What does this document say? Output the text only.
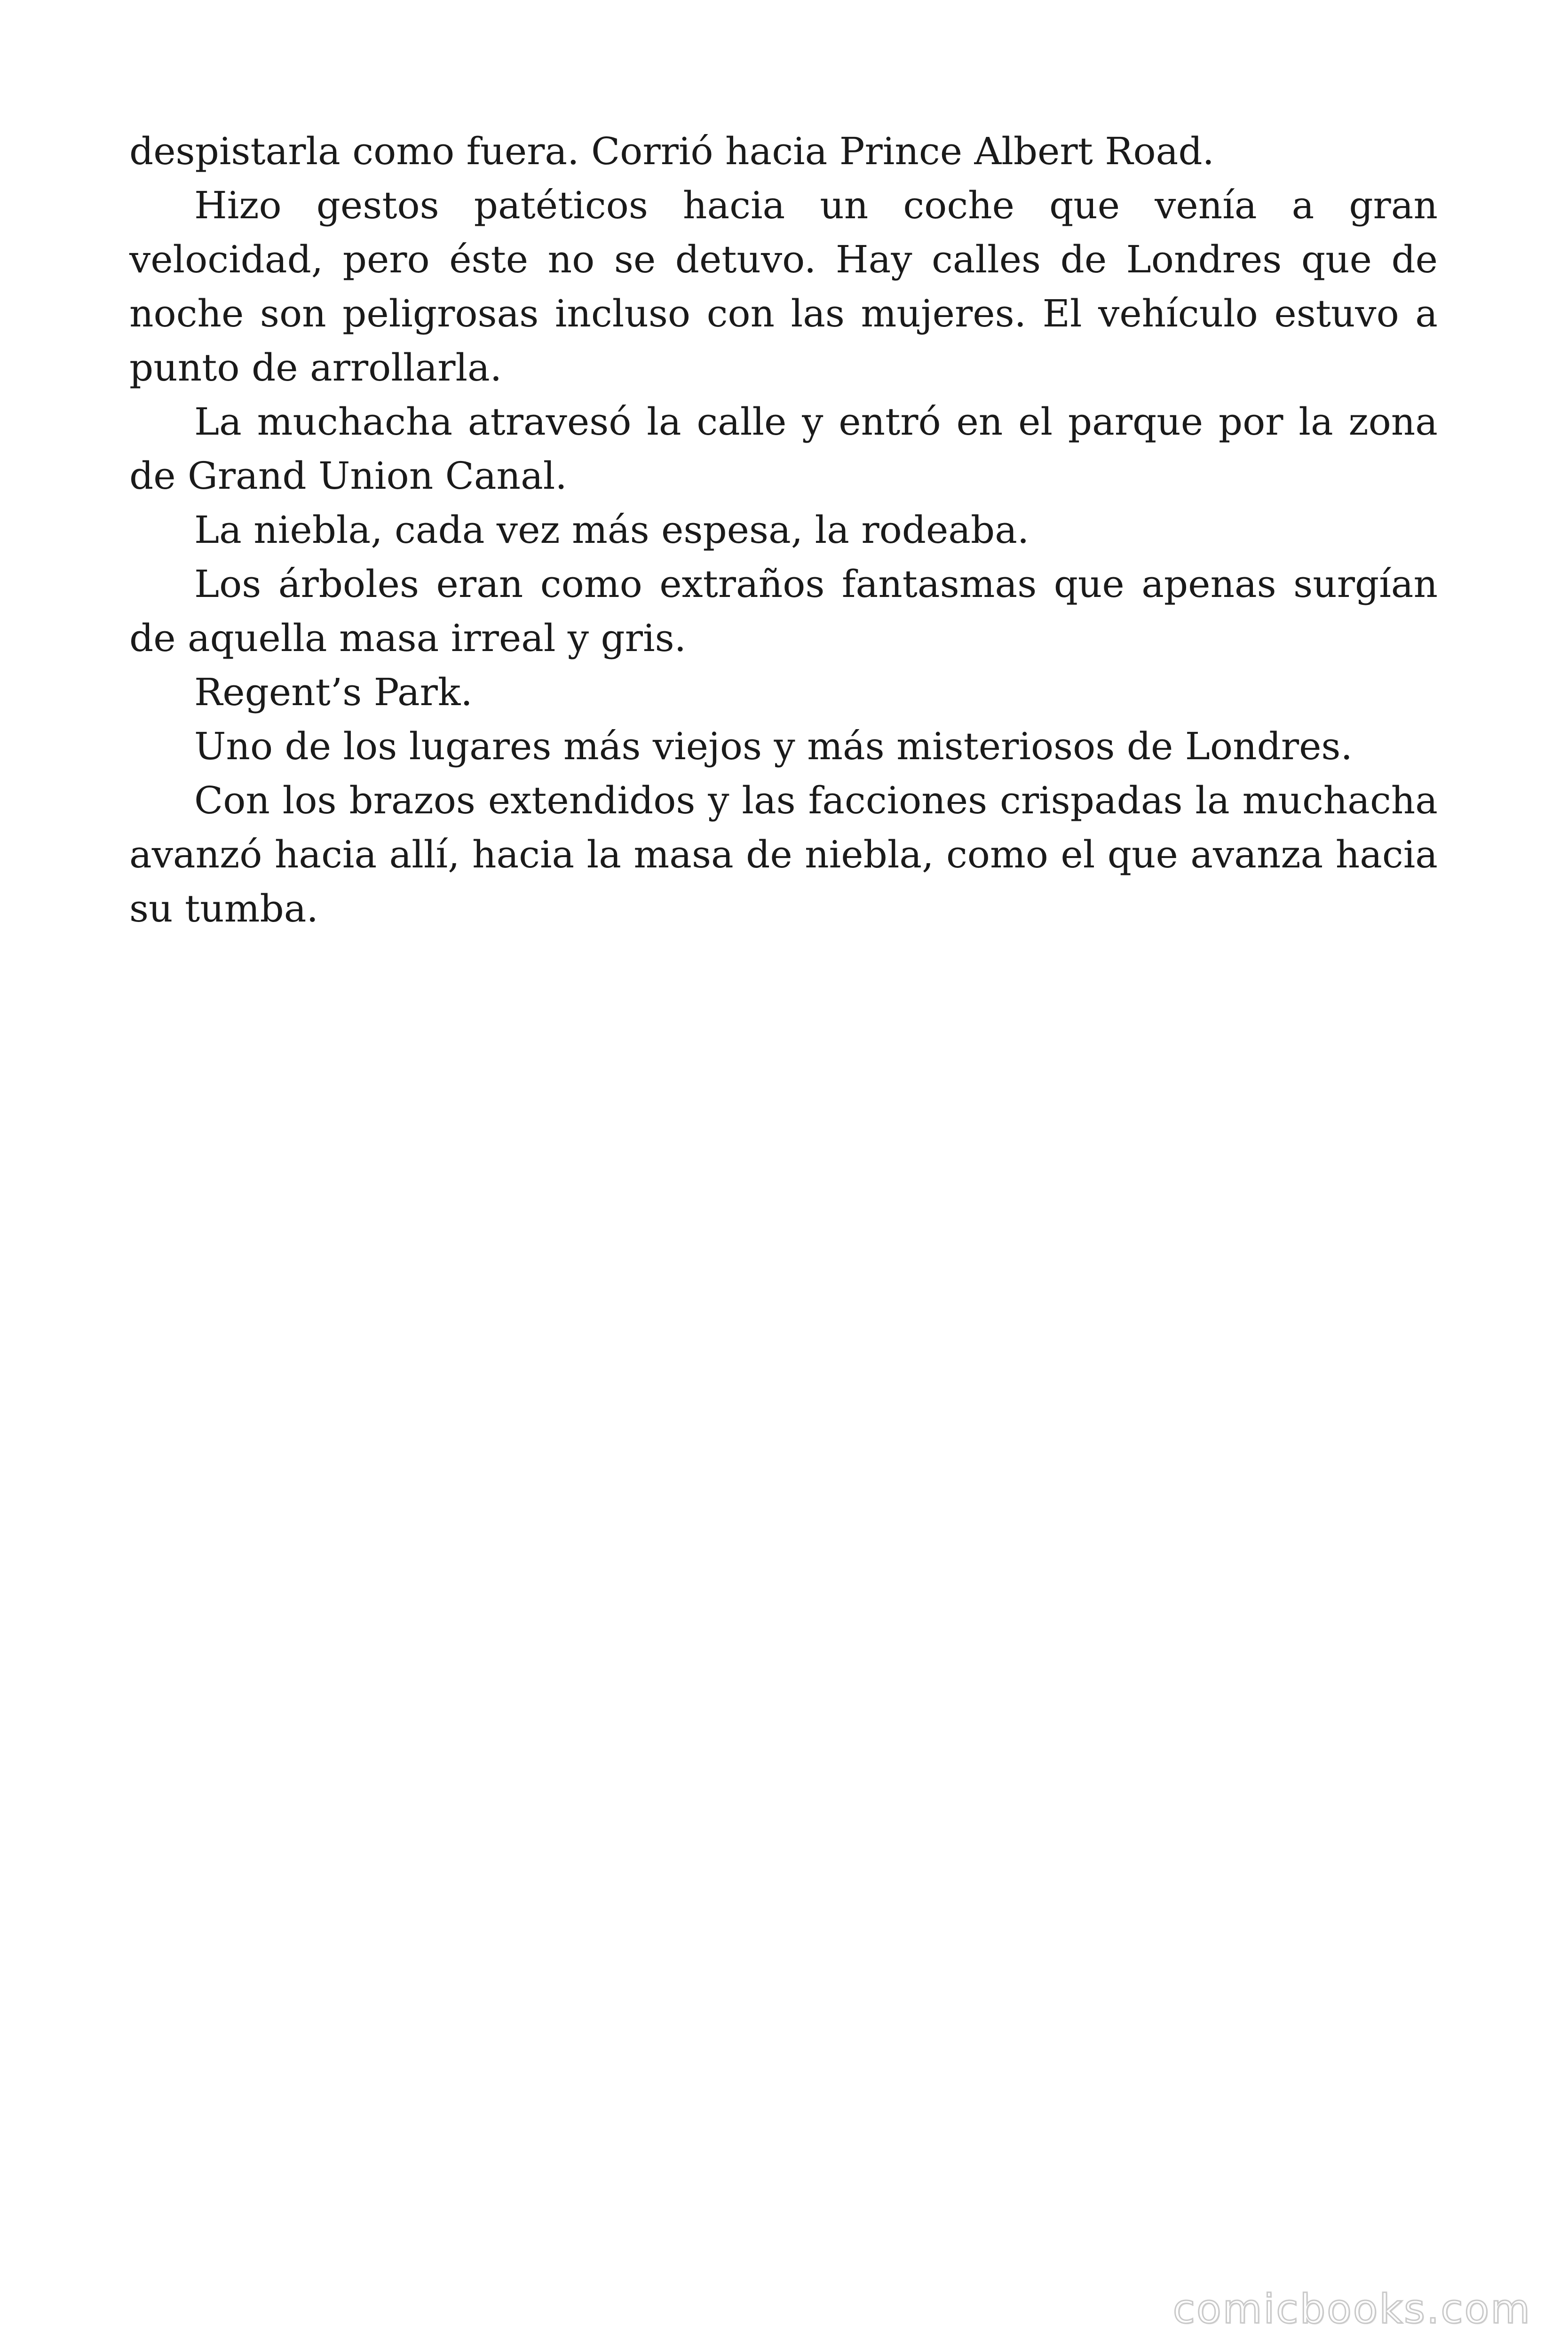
despistarla como fuera. Corrió hacia Prince Albert Road.

Hizo gestos patéticos hacia un coche que venía a gran velocidad, pero éste no se detuvo. Hay calles de Londres que de noche son peligrosas incluso con las mujeres. El vehículo estuvo a punto de arrollarla.

La muchacha atravesó la calle y entró en el parque por la zona de Grand Union Canal.

La niebla, cada vez más espesa, la rodeaba.

Los árboles eran como extraños fantasmas que apenas surgían de aquella masa irreal y gris.

Regent’s Park.

Uno de los lugares más viejos y más misteriosos de Londres.

Con los brazos extendidos y las facciones crispadas la muchacha avanzó hacia allí, hacia la masa de niebla, como el que avanza hacia su tumba.

comicbooks.com
